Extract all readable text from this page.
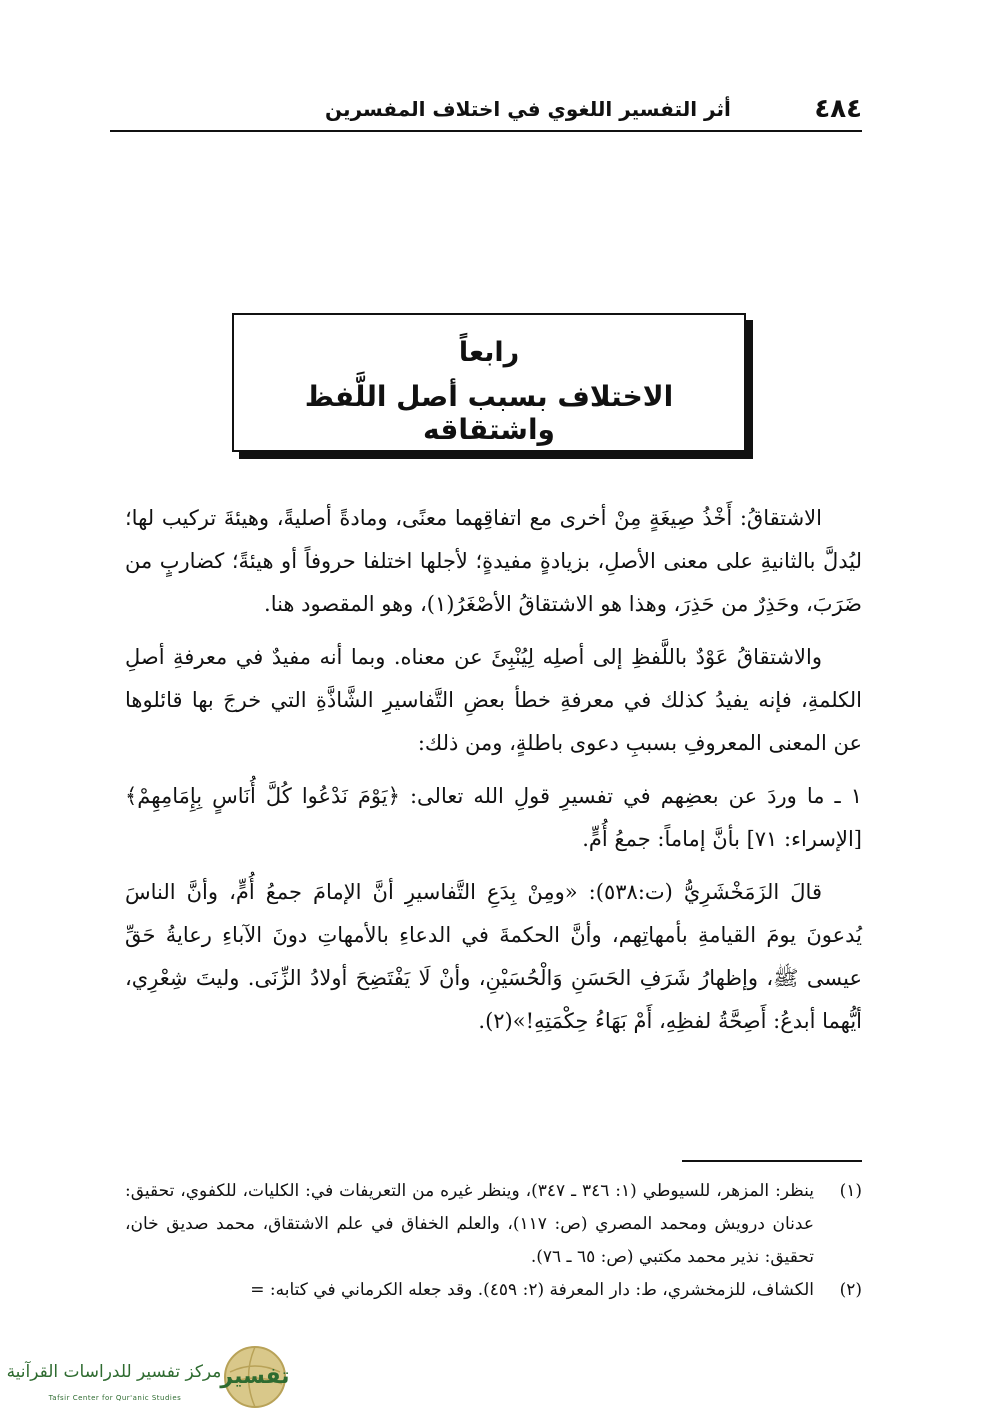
٤٨٤
أثر التفسير اللغوي في اختلاف المفسرين
رابعاً
الاختلاف بسبب أصل اللَّفظ واشتقاقه

الاشتقاقُ: أَخْذُ صِيغَةٍ مِنْ أخرى مع اتفاقِهما معنًى، ومادةً أصليةً، وهيئةَ تركيب لها؛ ليُدلَّ بالثانيةِ على معنى الأصلِ، بزيادةٍ مفيدةٍ؛ لأجلها اختلفا حروفاً أو هيئةً؛ كضاربٍ من ضَرَبَ، وحَذِرٌ من حَذِرَ، وهذا هو الاشتقاقُ الأصْغَرُ(١)، وهو المقصود هنا.

والاشتقاقُ عَوْدٌ باللَّفظِ إلى أصلِه لِيُنْبِئَ عن معناه. وبما أنه مفيدٌ في معرفةِ أصلِ الكلمةِ، فإنه يفيدُ كذلك في معرفةِ خطأ بعضِ التَّفاسيرِ الشَّاذَّةِ التي خرجَ بها قائلوها عن المعنى المعروفِ بسببِ دعوى باطلةٍ، ومن ذلك:

١ ـ ما وردَ عن بعضِهم في تفسيرِ قولِ الله تعالى: ﴿يَوْمَ نَدْعُوا كُلَّ أُنَاسٍ بِإِمَامِهِمْ﴾ [الإسراء: ٧١] بأنَّ إماماً: جمعُ أُمٍّ.

قالَ الزَمَخْشَرِيُّ (ت:٥٣٨): «ومِنْ بِدَعِ التَّفاسيرِ أنَّ الإمامَ جمعُ أُمٍّ، وأنَّ الناسَ يُدعونَ يومَ القيامةِ بأمهاتِهم، وأنَّ الحكمةَ في الدعاءِ بالأمهاتِ دونَ الآباءِ رعايةُ حَقِّ عيسى ﷺ، وإظهارُ شَرَفِ الحَسَنِ وَالْحُسَيْنِ، وأنْ لَا يَفْتَضِحَ أولادُ الزِّنَى. وليتَ شِعْرِي، أيُّهما أبدعُ: أَصِحَّةُ لفظِهِ، أَمْ بَهَاءُ حِكْمَتِهِ!»(٢).

(١)
ينظر: المزهر، للسيوطي (١: ٣٤٦ ـ ٣٤٧)، وينظر غيره من التعريفات في: الكليات، للكفوي، تحقيق: عدنان درويش ومحمد المصري (ص: ١١٧)، والعلم الخفاق في علم الاشتقاق، محمد صديق خان، تحقيق: نذير محمد مكتبي (ص: ٦٥ ـ ٧٦).
(٢)
الكشاف، للزمخشري، ط: دار المعرفة (٢: ٤٥٩). وقد جعله الكرماني في كتابه: =
مركز تفسير للدراسات القرآنية
Tafsir Center for Qur'anic Studies
تفسير
